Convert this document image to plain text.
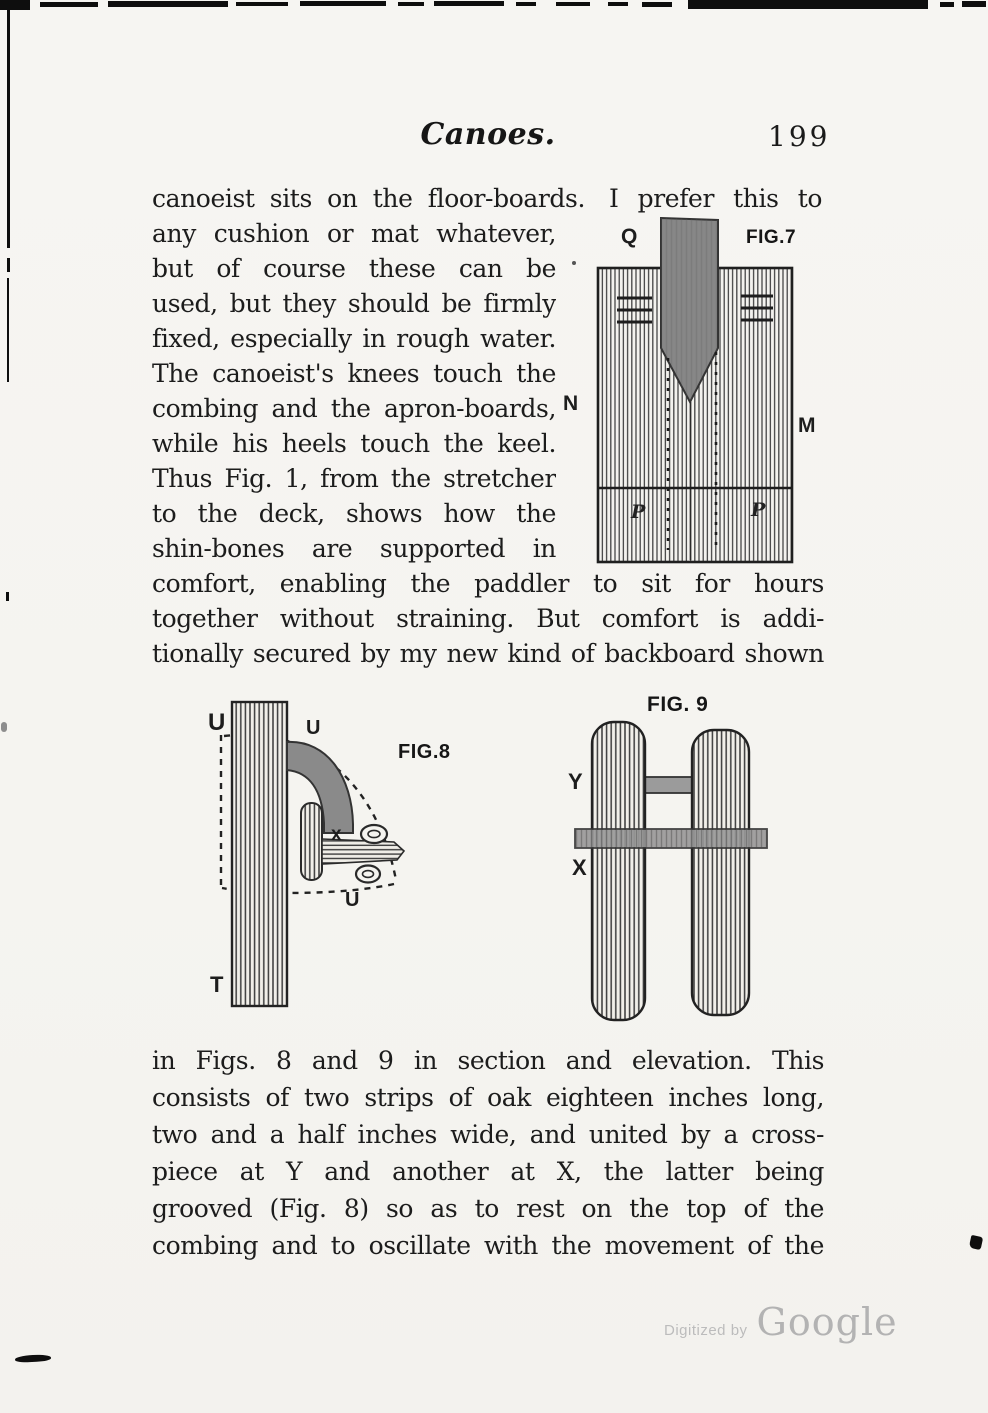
Canoes.	199
canoeist sits on the floor-boards. I prefer this to
any cushion or mat whatever,
but of course these can be
used, but they should be firmly
fixed, especially in rough water.
The canoeist's knees touch the
combing and the apron-boards,
while his heels touch the keel.
Thus Fig. 1, from the stretcher
to the deck, shows how the
shin-bones are supported in
comfort, enabling the paddler to sit for hours
together without straining. But comfort is addi-
tionally secured by my new kind of backboard shown
Q	FIG.7
N
M
P	P
U	U
FIG.8
x
U
T
FIG. 9
Y
X
in Figs. 8 and 9 in section and elevation. This
consists of two strips of oak eighteen inches long,
two and a half inches wide, and united by a cross-
piece at Y and another at X, the latter being
grooved (Fig. 8) so as to rest on the top of the
combing and to oscillate with the movement of the
Digitized by Google
